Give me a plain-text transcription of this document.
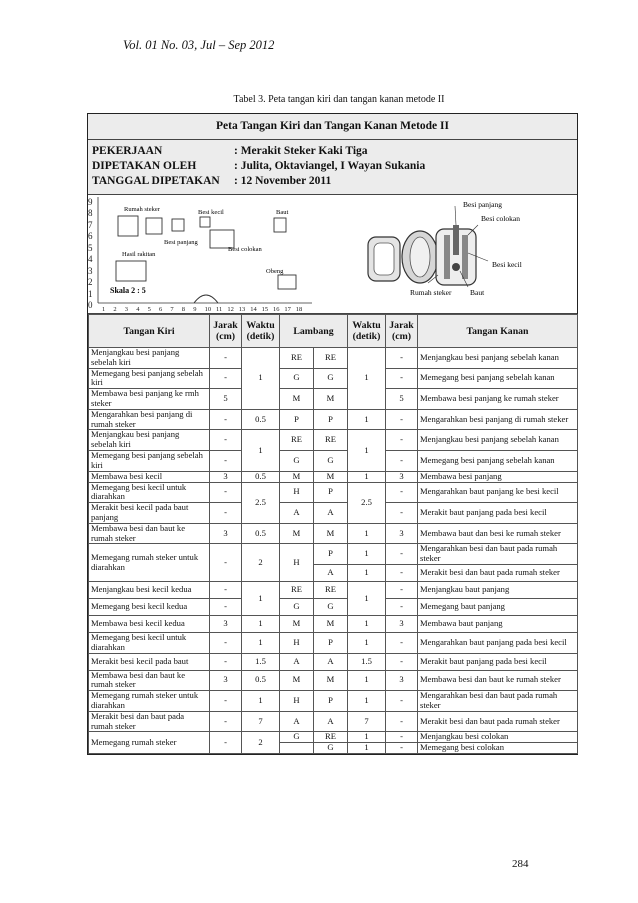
Vol. 01 No. 03, Jul – Sep 2012
Tabel 3. Peta tangan kiri dan tangan kanan metode II
Peta Tangan Kiri dan Tangan Kanan Metode II
PEKERJAAN	: Merakit Steker Kaki Tiga
DIPETAKAN OLEH	: Julita, Oktaviangel, I Wayan Sukania
TANGGAL DIPETAKAN	: 12 November 2011
9
8
7
6
5
4
3
2
1
0 1 2 3 4 5 6 7 8 9 10 11 12 13 14 15 16 17 18
Rumah steker	Besi kecil	Baut
Besi panjang
Besi colokan
Hasil rakitan
Obeng
Skala 2 : 5
Besi panjang
Besi colokan
Besi kecil
Rumah steker Baut
Tangan Kiri	Jarak (cm)	Waktu (detik)	Lambang		Waktu (detik)	Jarak (cm)	Tangan Kanan
Menjangkau besi panjang sebelah kiri	-	1	RE	RE	1	-	Menjangkau besi panjang sebelah kanan
Memegang besi panjang sebelah kiri	-		G	G		-	Memegang besi panjang sebelah kanan
Membawa besi panjang ke rmh steker	5		M	M		5	Membawa besi panjang ke rumah steker
Mengarahkan besi panjang di rumah steker	-	0.5	P	P	1	-	Mengarahkan besi panjang di rumah steker
Menjangkau besi panjang sebelah kiri	-	1	RE	RE	1	-	Menjangkau besi panjang sebelah kanan
Memegang besi panjang sebelah kiri	-		G	G		-	Memegang besi panjang sebelah kanan
Membawa besi kecil	3	0.5	M	M	1	3	Membawa besi panjang
Memegang besi kecil untuk diarahkan	-	2.5	H	P	2.5	-	Mengarahkan baut panjang ke besi kecil
Merakit besi kecil pada baut panjang	-		A	A		-	Merakit baut panjang pada besi kecil
Membawa besi dan baut ke rumah steker	3	0.5	M	M	1	3	Membawa baut dan besi ke rumah steker
Memegang rumah steker untuk diarahkan	-	2	H	P	1	-	Mengarahkan besi dan baut pada rumah steker
				A	1	-	Merakit besi dan baut pada rumah steker
Menjangkau besi kecil kedua	-	1	RE	RE	1	-	Menjangkau baut panjang
Memegang besi kecil kedua	-		G	G		-	Memegang baut panjang
Membawa besi kecil kedua	3	1	M	M	1	3	Membawa baut panjang
Memegang besi kecil untuk diarahkan	-	1	H	P	1	-	Mengarahkan baut panjang pada besi kecil
Merakit besi kecil pada baut	-	1.5	A	A	1.5	-	Merakit baut panjang pada besi kecil
Membawa besi dan baut ke rumah steker	3	0.5	M	M	1	3	Membawa besi dan baut ke rumah steker
Memegang rumah steker untuk diarahkan	-	1	H	P	1	-	Mengarahkan besi dan baut pada rumah steker
Merakit besi dan baut pada rumah steker	-	7	A	A	7	-	Merakit besi dan baut pada rumah steker
Memegang rumah steker	-	2	G	RE	1	-	Menjangkau besi colokan
				G	1	-	Memegang besi colokan
284
